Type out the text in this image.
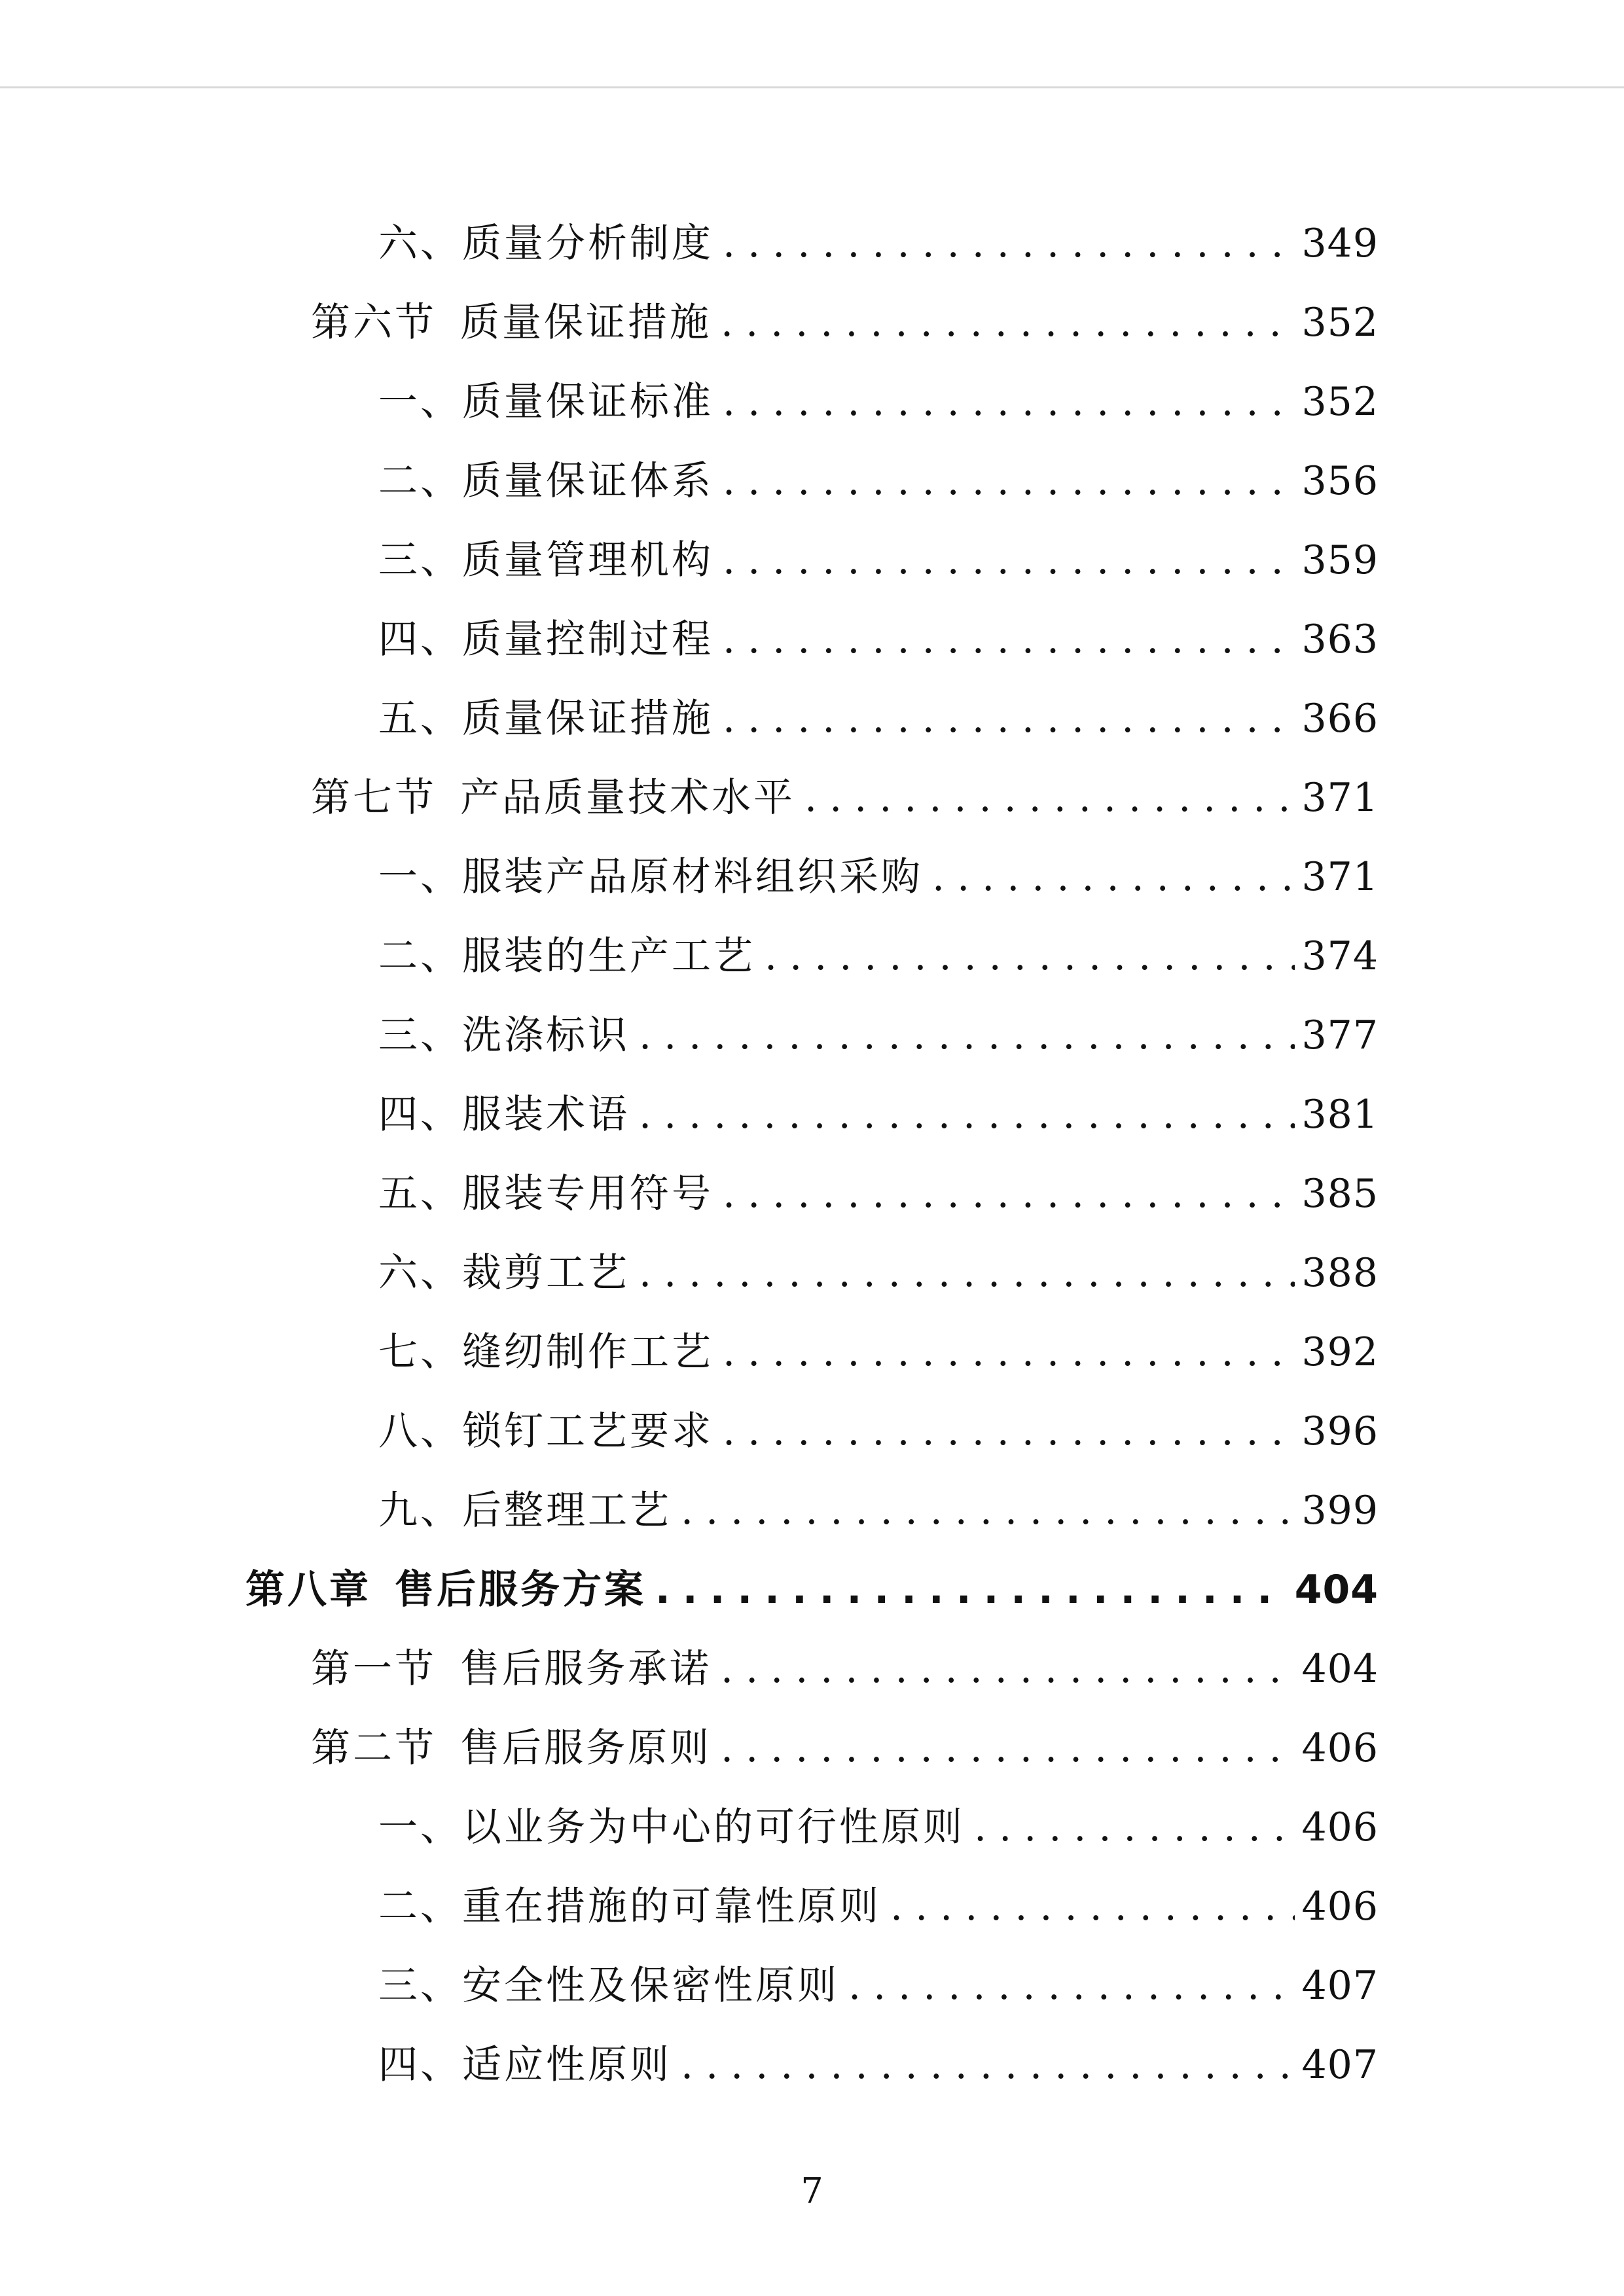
六、质量分析制度 .....	349
第六节 质量保证措施 .....	352
一、质量保证标准 .....	352
二、质量保证体系 .....	356
三、质量管理机构 .....	359
四、质量控制过程 .....	363
五、质量保证措施 .....	366
第七节 产品质量技术水平 .....	371
一、服装产品原材料组织采购 .....	371
二、服装的生产工艺 .....	374
三、洗涤标识 .....	377
四、服装术语 .....	381
五、服装专用符号 .....	385
六、裁剪工艺 .....	388
七、缝纫制作工艺 .....	392
八、锁钉工艺要求 .....	396
九、后整理工艺 .....	399
第八章 售后服务方案 .....	404
第一节 售后服务承诺 .....	404
第二节 售后服务原则 .....	406
一、以业务为中心的可行性原则 .....	406
二、重在措施的可靠性原则 .....	406
三、安全性及保密性原则 .....	407
四、适应性原则 .....	407
7
